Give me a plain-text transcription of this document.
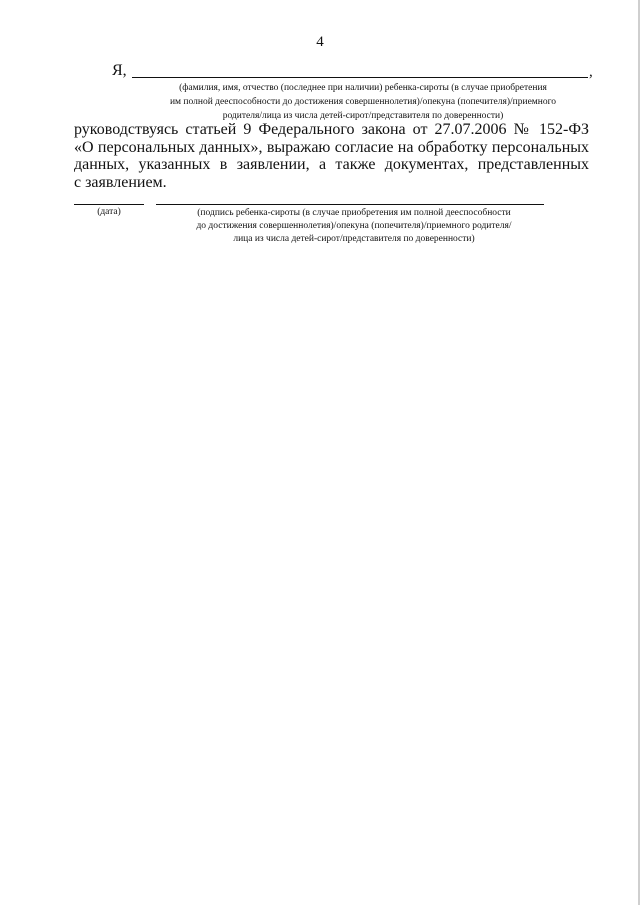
4
Я,	,
(фамилия, имя, отчество (последнее при наличии) ребенка-сироты (в случае приобретения
им полной дееспособности до достижения совершеннолетия)/опекуна (попечителя)/приемного
родителя/лица из числа детей-сирот/представителя по доверенности)
руководствуясь статьей 9 Федерального закона от 27.07.2006 № 152-ФЗ
«О персональных данных», выражаю согласие на обработку персональных
данных, указанных в заявлении, а также документах, представленных
с заявлением.
(дата)	(подпись ребенка-сироты (в случае приобретения им полной дееспособности
до достижения совершеннолетия)/опекуна (попечителя)/приемного родителя/
лица из числа детей-сирот/представителя по доверенности)
